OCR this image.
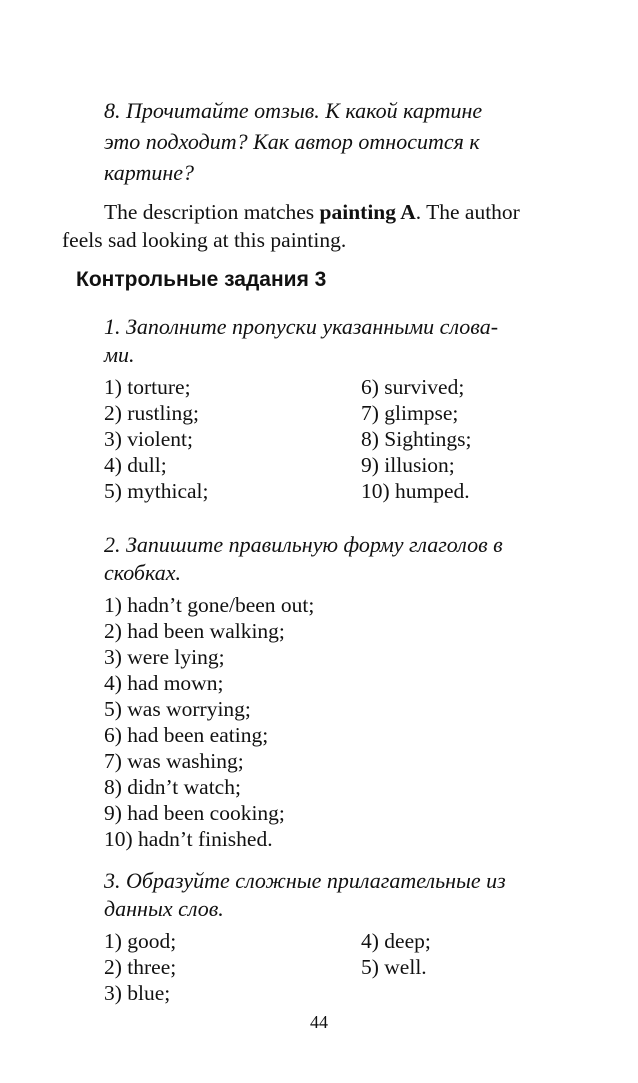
8. Прочитайте отзыв. К какой картине
это подходит? Как автор относится к
картине?
The description matches painting A. The author
feels sad looking at this painting.
Контрольные задания 3
1. Заполните пропуски указанными слова-
ми.
1) torture;
2) rustling;
3) violent;
4) dull;
5) mythical;
6) survived;
7) glimpse;
8) Sightings;
9) illusion;
10) humped.
2. Запишите правильную форму глаголов в
скобках.
1) hadn’t gone/been out;
2) had been walking;
3) were lying;
4) had mown;
5) was worrying;
6) had been eating;
7) was washing;
8) didn’t watch;
9) had been cooking;
10) hadn’t finished.
3. Образуйте сложные прилагательные из
данных слов.
1) good;
2) three;
3) blue;
4) deep;
5) well.
44
